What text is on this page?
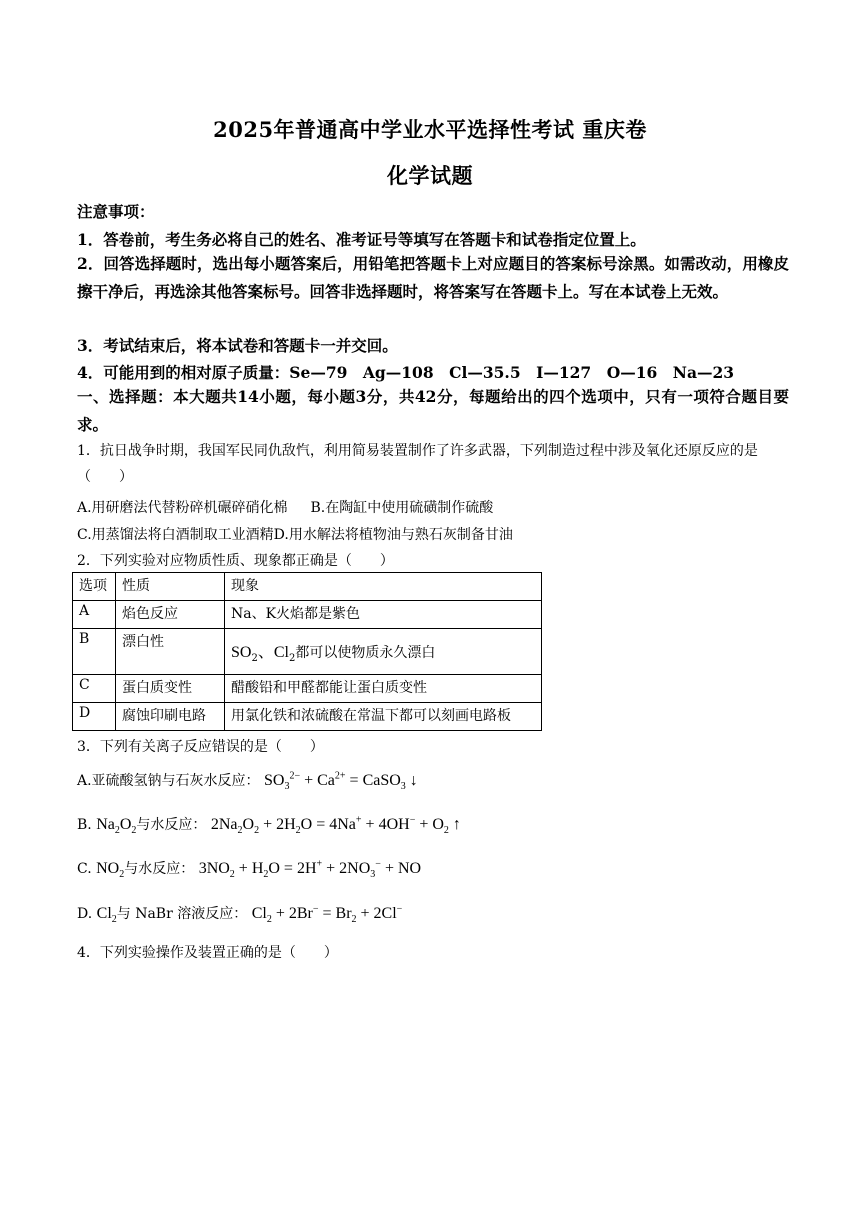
2025年普通高中学业水平选择性考试 重庆卷
化学试题
注意事项：
1．答卷前，考生务必将自己的姓名、准考证号等填写在答题卡和试卷指定位置上。
2．回答选择题时，选出每小题答案后，用铅笔把答题卡上对应题目的答案标号涂黑。如需改动，用橡皮擦干净后，再选涂其他答案标号。回答非选择题时，将答案写在答题卡上。写在本试卷上无效。
3．考试结束后，将本试卷和答题卡一并交回。
4．可能用到的相对原子质量：Se—79　Ag—108　Cl—35.5　I—127　O—16　Na—23
一、选择题：本大题共14小题，每小题3分，共42分，每题给出的四个选项中，只有一项符合题目要求。
1．抗日战争时期，我国军民同仇敌忾，利用简易装置制作了许多武器，下列制造过程中涉及氧化还原反应的是（　　）
A.用研磨法代替粉碎机碾碎硝化棉 B.在陶缸中使用硫磺制作硫酸
C.用蒸馏法将白酒制取工业酒精D.用水解法将植物油与熟石灰制备甘油
2．下列实验对应物质性质、现象都正确是（　　）
选项	性质	现象
A	焰色反应	Na、K火焰都是紫色
B	漂白性	$SO_2$、$Cl_2$都可以使物质永久漂白
C	蛋白质变性	醋酸铅和甲醛都能让蛋白质变性
D	腐蚀印刷电路	用氯化铁和浓硫酸在常温下都可以刻画电路板
3．下列有关离子反应错误的是（　　）
A.亚硫酸氢钠与石灰水反应： $SO_3^{2-} + Ca^{2+}$ = CaSO$_3$ ↓
B. $Na_2O_2$与水反应： $2Na_2O_2 + 2H_2O = 4Na^+ + 4OH^- + O_2$ ↑
C. $NO_2$与水反应： $3NO_2 + H_2O = 2H^+ + 2NO_3^-$ + NO
D. $Cl_2$与 NaBr 溶液反应： $Cl_2 + 2Br^- = Br_2 + 2Cl^-$
4．下列实验操作及装置正确的是（　　）
